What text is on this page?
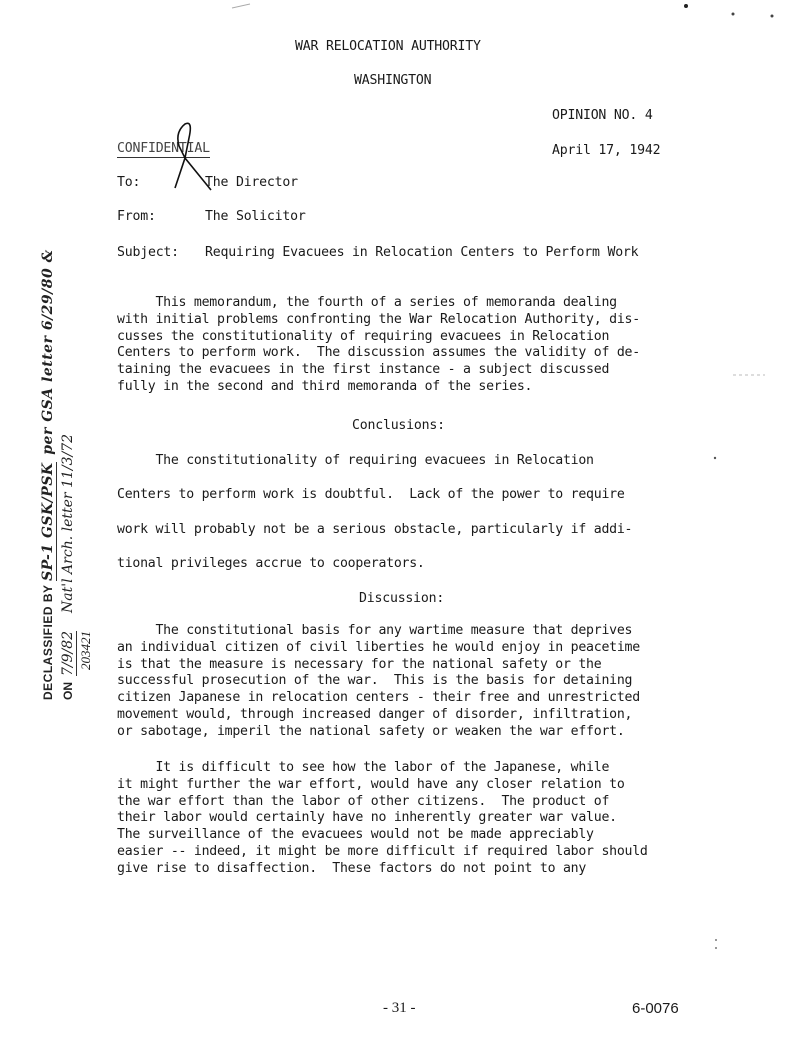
WAR RELOCATION AUTHORITY
WASHINGTON
OPINION NO. 4
April 17, 1942
CONFIDENTIAL
To:	The Director
From:	The Solicitor
Subject: Requiring Evacuees in Relocation Centers to Perform Work
This memorandum, the fourth of a series of memoranda dealing
with initial problems confronting the War Relocation Authority, dis-
cusses the constitutionality of requiring evacuees in Relocation
Centers to perform work.  The discussion assumes the validity of de-
taining the evacuees in the first instance - a subject discussed
fully in the second and third memoranda of the series.
Conclusions:
The constitutionality of requiring evacuees in Relocation
Centers to perform work is doubtful.  Lack of the power to require
work will probably not be a serious obstacle, particularly if addi-
tional privileges accrue to cooperators.
Discussion:
The constitutional basis for any wartime measure that deprives
an individual citizen of civil liberties he would enjoy in peacetime
is that the measure is necessary for the national safety or the
successful prosecution of the war.  This is the basis for detaining
citizen Japanese in relocation centers - their free and unrestricted
movement would, through increased danger of disorder, infiltration,
or sabotage, imperil the national safety or weaken the war effort.
It is difficult to see how the labor of the Japanese, while
it might further the war effort, would have any closer relation to
the war effort than the labor of other citizens.  The product of
their labor would certainly have no inherently greater war value.
The surveillance of the evacuees would not be made appreciably
easier -- indeed, it might be more difficult if required labor should
give rise to disaffection.  These factors do not point to any
DECLASSIFIED BY SP-1 GSK/PSK  per GSA letter 6/29/80 &
ON  7/9/82      Nat'l Arch. letter 11/3/72
203421
- 31 -	6-0076
